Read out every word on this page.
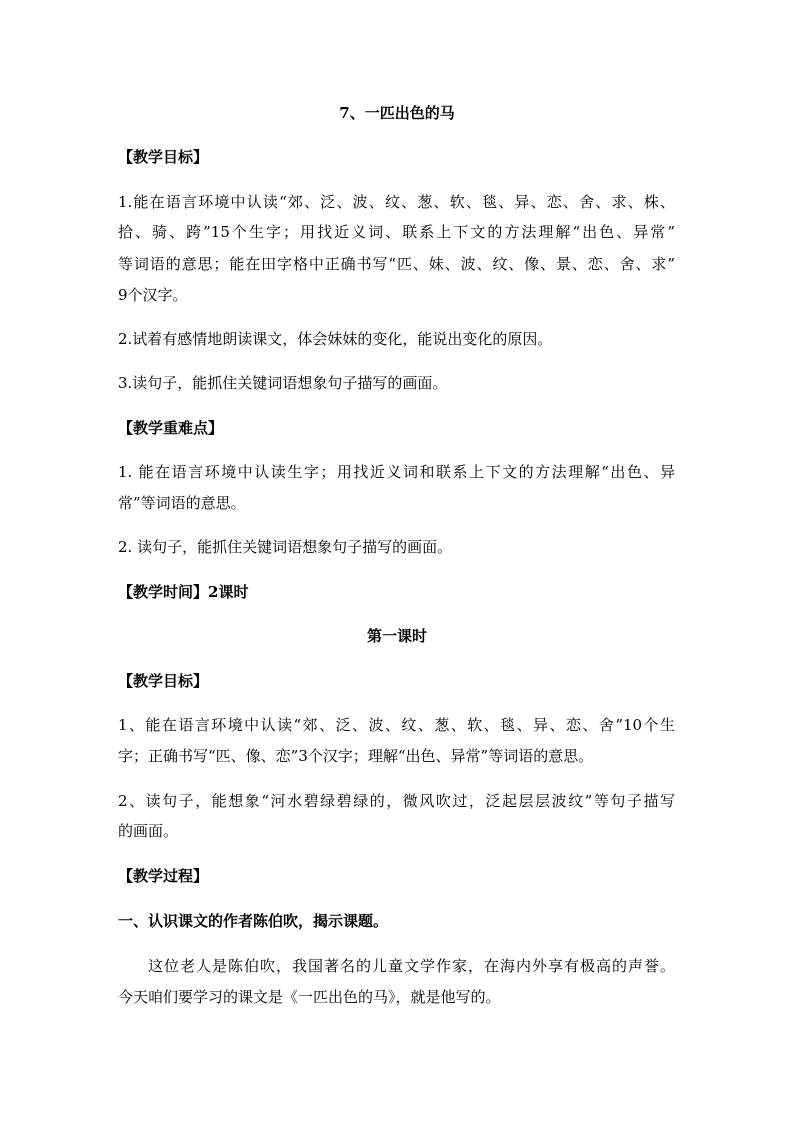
7、一匹出色的马
【教学目标】
1.能在语言环境中认读“郊、泛、波、纹、葱、软、毯、异、恋、舍、求、株、
拾、骑、跨”15个生字；用找近义词、联系上下文的方法理解“出色、异常”
等词语的意思；能在田字格中正确书写“匹、妹、波、纹、像、景、恋、舍、求”
9个汉字。
2.试着有感情地朗读课文，体会妹妹的变化，能说出变化的原因。
3.读句子，能抓住关键词语想象句子描写的画面。
【教学重难点】
1. 能在语言环境中认读生字；用找近义词和联系上下文的方法理解“出色、异
常”等词语的意思。
2. 读句子，能抓住关键词语想象句子描写的画面。
【教学时间】2课时
第一课时
【教学目标】
1、能在语言环境中认读“郊、泛、波、纹、葱、软、毯、异、恋、舍”10个生
字；正确书写“匹、像、恋”3个汉字；理解“出色、异常”等词语的意思。
2、读句子，能想象“河水碧绿碧绿的，微风吹过，泛起层层波纹”等句子描写
的画面。
【教学过程】
一、认识课文的作者陈伯吹，揭示课题。
这位老人是陈伯吹，我国著名的儿童文学作家，在海内外享有极高的声誉。
今天咱们要学习的课文是《一匹出色的马》，就是他写的。
